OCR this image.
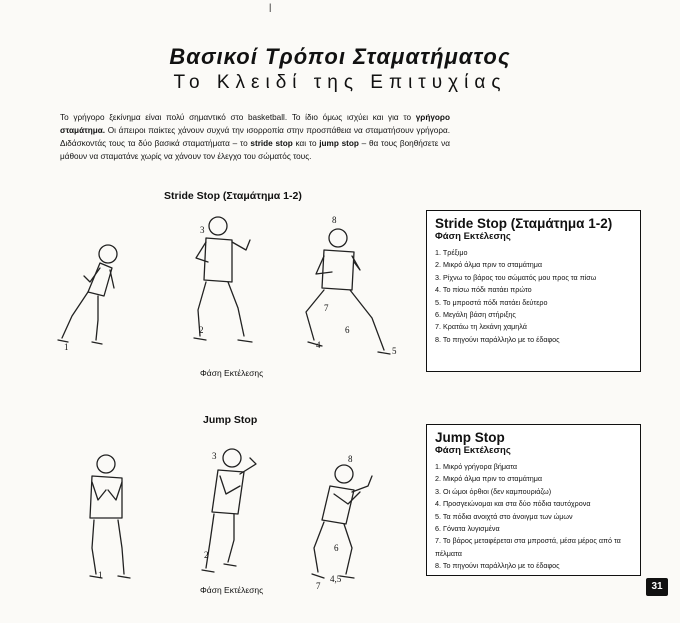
|
Βασικοί Τρόποι Σταματήματος
Το Κλειδί της Επιτυχίας
Το γρήγορο ξεκίνημα είναι πολύ σημαντικό στο basketball. Το ίδιο όμως ισχύει και για το γρήγορο σταμάτημα. Οι άπειροι παίκτες χάνουν συχνά την ισορροπία στην προσπάθεια να σταματήσουν γρήγορα. Διδάσκοντάς τους τα δύο βασικά σταματήματα – το stride stop και το jump stop – θα τους βοηθήσετε να μάθουν να σταματάνε χωρίς να χάνουν τον έλεγχο του σώματός τους.
Stride Stop (Σταμάτημα 1-2)
Φάση Εκτέλεσης
Stride Stop (Σταμάτημα 1-2)
Φάση Εκτέλεσης
1. Τρέξιμο
2. Μικρό άλμα πριν το σταμάτημα
3. Ρίχνω το βάρος του σώματός μου προς τα πίσω
4. Το πίσω πόδι πατάει πρώτο
5. Το μπροστά πόδι πατάει δεύτερο
6. Μεγάλη βάση στήριξης
7. Κρατάω τη λεκάνη χαμηλά
8. Το πηγούνι παράλληλο με το έδαφος
Jump Stop
Φάση Εκτέλεσης
Jump Stop
Φάση Εκτέλεσης
1. Μικρό γρήγορα βήματα
2. Μικρό άλμα πριν το σταμάτημα
3. Οι ώμοι όρθιοι (δεν καμπουριάζω)
4. Προσγειώνομαι και στα δύο πόδια ταυτόχρονα
5. Τα πόδια ανοιχτά στο άνοιγμα των ώμων
6. Γόνατα λυγισμένα
7. Το βάρος μεταφέρεται στα μπροστά, μέσα μέρος από τα πέλματα
8. Το πηγούνι παράλληλο με το έδαφος
31
1
3
2
8
7
4
6
5
1
3
2
8
6
7
4,5
